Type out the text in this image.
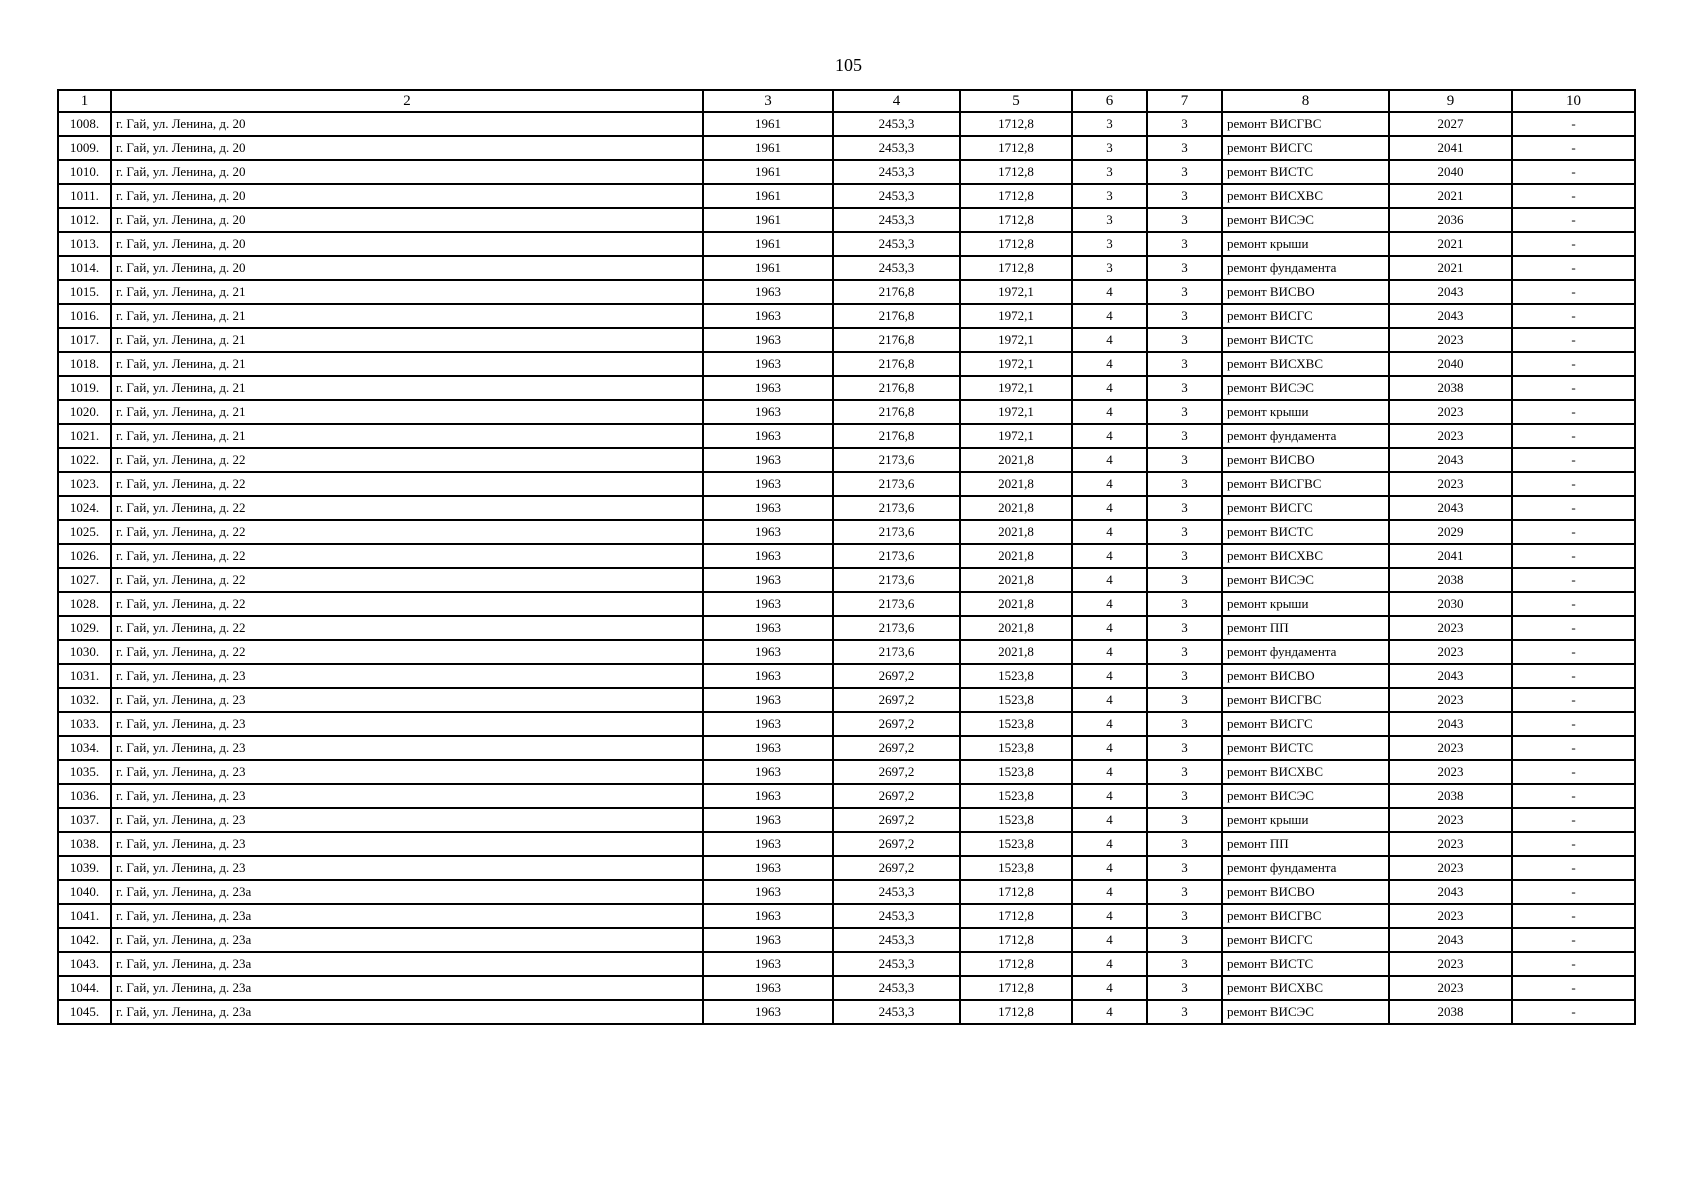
105
1	2	3	4	5	6	7	8	9	10
1008.	г. Гай, ул. Ленина, д. 20	1961	2453,3	1712,8	3	3	ремонт ВИСГВС	2027	-
1009.	г. Гай, ул. Ленина, д. 20	1961	2453,3	1712,8	3	3	ремонт ВИСГС	2041	-
1010.	г. Гай, ул. Ленина, д. 20	1961	2453,3	1712,8	3	3	ремонт ВИСТС	2040	-
1011.	г. Гай, ул. Ленина, д. 20	1961	2453,3	1712,8	3	3	ремонт ВИСХВС	2021	-
1012.	г. Гай, ул. Ленина, д. 20	1961	2453,3	1712,8	3	3	ремонт ВИСЭС	2036	-
1013.	г. Гай, ул. Ленина, д. 20	1961	2453,3	1712,8	3	3	ремонт крыши	2021	-
1014.	г. Гай, ул. Ленина, д. 20	1961	2453,3	1712,8	3	3	ремонт фундамента	2021	-
1015.	г. Гай, ул. Ленина, д. 21	1963	2176,8	1972,1	4	3	ремонт ВИСВО	2043	-
1016.	г. Гай, ул. Ленина, д. 21	1963	2176,8	1972,1	4	3	ремонт ВИСГС	2043	-
1017.	г. Гай, ул. Ленина, д. 21	1963	2176,8	1972,1	4	3	ремонт ВИСТС	2023	-
1018.	г. Гай, ул. Ленина, д. 21	1963	2176,8	1972,1	4	3	ремонт ВИСХВС	2040	-
1019.	г. Гай, ул. Ленина, д. 21	1963	2176,8	1972,1	4	3	ремонт ВИСЭС	2038	-
1020.	г. Гай, ул. Ленина, д. 21	1963	2176,8	1972,1	4	3	ремонт крыши	2023	-
1021.	г. Гай, ул. Ленина, д. 21	1963	2176,8	1972,1	4	3	ремонт фундамента	2023	-
1022.	г. Гай, ул. Ленина, д. 22	1963	2173,6	2021,8	4	3	ремонт ВИСВО	2043	-
1023.	г. Гай, ул. Ленина, д. 22	1963	2173,6	2021,8	4	3	ремонт ВИСГВС	2023	-
1024.	г. Гай, ул. Ленина, д. 22	1963	2173,6	2021,8	4	3	ремонт ВИСГС	2043	-
1025.	г. Гай, ул. Ленина, д. 22	1963	2173,6	2021,8	4	3	ремонт ВИСТС	2029	-
1026.	г. Гай, ул. Ленина, д. 22	1963	2173,6	2021,8	4	3	ремонт ВИСХВС	2041	-
1027.	г. Гай, ул. Ленина, д. 22	1963	2173,6	2021,8	4	3	ремонт ВИСЭС	2038	-
1028.	г. Гай, ул. Ленина, д. 22	1963	2173,6	2021,8	4	3	ремонт крыши	2030	-
1029.	г. Гай, ул. Ленина, д. 22	1963	2173,6	2021,8	4	3	ремонт ПП	2023	-
1030.	г. Гай, ул. Ленина, д. 22	1963	2173,6	2021,8	4	3	ремонт фундамента	2023	-
1031.	г. Гай, ул. Ленина, д. 23	1963	2697,2	1523,8	4	3	ремонт ВИСВО	2043	-
1032.	г. Гай, ул. Ленина, д. 23	1963	2697,2	1523,8	4	3	ремонт ВИСГВС	2023	-
1033.	г. Гай, ул. Ленина, д. 23	1963	2697,2	1523,8	4	3	ремонт ВИСГС	2043	-
1034.	г. Гай, ул. Ленина, д. 23	1963	2697,2	1523,8	4	3	ремонт ВИСТС	2023	-
1035.	г. Гай, ул. Ленина, д. 23	1963	2697,2	1523,8	4	3	ремонт ВИСХВС	2023	-
1036.	г. Гай, ул. Ленина, д. 23	1963	2697,2	1523,8	4	3	ремонт ВИСЭС	2038	-
1037.	г. Гай, ул. Ленина, д. 23	1963	2697,2	1523,8	4	3	ремонт крыши	2023	-
1038.	г. Гай, ул. Ленина, д. 23	1963	2697,2	1523,8	4	3	ремонт ПП	2023	-
1039.	г. Гай, ул. Ленина, д. 23	1963	2697,2	1523,8	4	3	ремонт фундамента	2023	-
1040.	г. Гай, ул. Ленина, д. 23а	1963	2453,3	1712,8	4	3	ремонт ВИСВО	2043	-
1041.	г. Гай, ул. Ленина, д. 23а	1963	2453,3	1712,8	4	3	ремонт ВИСГВС	2023	-
1042.	г. Гай, ул. Ленина, д. 23а	1963	2453,3	1712,8	4	3	ремонт ВИСГС	2043	-
1043.	г. Гай, ул. Ленина, д. 23а	1963	2453,3	1712,8	4	3	ремонт ВИСТС	2023	-
1044.	г. Гай, ул. Ленина, д. 23а	1963	2453,3	1712,8	4	3	ремонт ВИСХВС	2023	-
1045.	г. Гай, ул. Ленина, д. 23а	1963	2453,3	1712,8	4	3	ремонт ВИСЭС	2038	-
